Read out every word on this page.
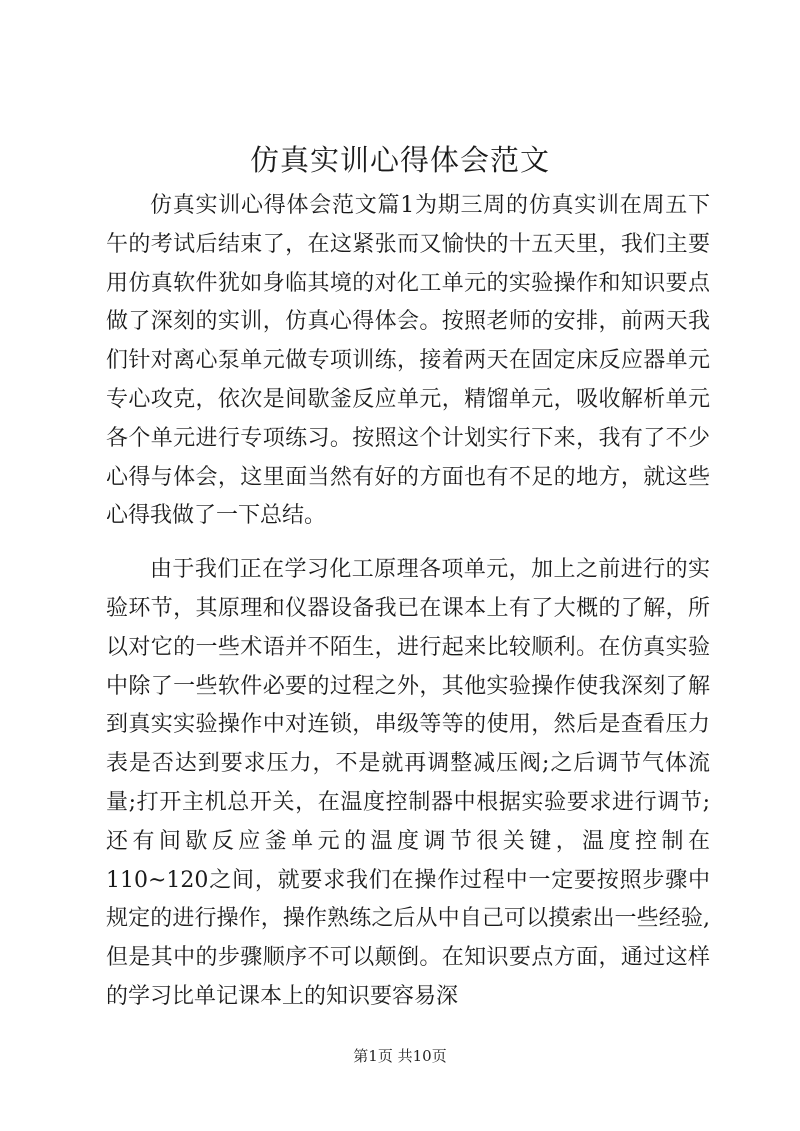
仿真实训心得体会范文

仿真实训心得体会范文篇1为期三周的仿真实训在周五下午的考试后结束了，在这紧张而又愉快的十五天里，我们主要用仿真软件犹如身临其境的对化工单元的实验操作和知识要点做了深刻的实训，仿真心得体会。按照老师的安排，前两天我们针对离心泵单元做专项训练，接着两天在固定床反应器单元专心攻克，依次是间歇釜反应单元，精馏单元，吸收解析单元各个单元进行专项练习。按照这个计划实行下来，我有了不少心得与体会，这里面当然有好的方面也有不足的地方，就这些心得我做了一下总结。

由于我们正在学习化工原理各项单元，加上之前进行的实验环节，其原理和仪器设备我已在课本上有了大概的了解，所以对它的一些术语并不陌生，进行起来比较顺利。在仿真实验中除了一些软件必要的过程之外，其他实验操作使我深刻了解到真实实验操作中对连锁，串级等等的使用，然后是查看压力表是否达到要求压力，不是就再调整减压阀;之后调节气体流量;打开主机总开关，在温度控制器中根据实验要求进行调节;还有间歇反应釜单元的温度调节很关键，温度控制在110~120之间，就要求我们在操作过程中一定要按照步骤中规定的进行操作，操作熟练之后从中自己可以摸索出一些经验,但是其中的步骤顺序不可以颠倒。在知识要点方面，通过这样的学习比单记课本上的知识要容易深

第1页 共10页
